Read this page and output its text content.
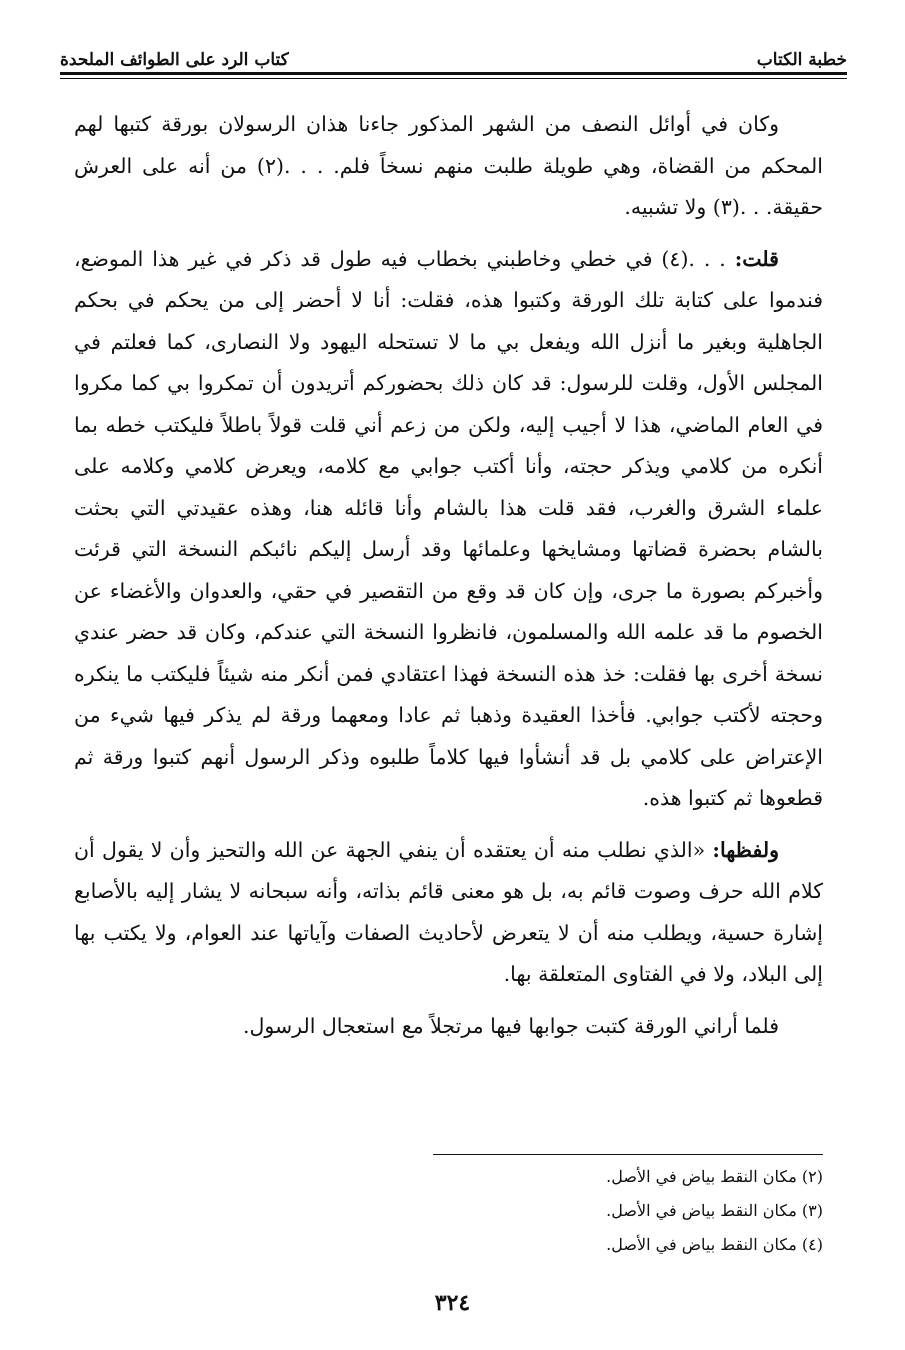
خطبة الكتاب
كتاب الرد على الطوائف الملحدة

وكان في أوائل النصف من الشهر المذكور جاءنا هذان الرسولان بورقة كتبها لهم المحكم من القضاة، وهي طويلة طلبت منهم نسخاً فلم. . . .(٢) من أنه على العرش حقيقة. . .(٣) ولا تشبيه.

قلت: . . .(٤) في خطي وخاطبني بخطاب فيه طول قد ذكر في غير هذا الموضع، فندموا على كتابة تلك الورقة وكتبوا هذه، فقلت: أنا لا أحضر إلى من يحكم في بحكم الجاهلية وبغير ما أنزل الله ويفعل بي ما لا تستحله اليهود ولا النصارى، كما فعلتم في المجلس الأول، وقلت للرسول: قد كان ذلك بحضوركم أتريدون أن تمكروا بي كما مكروا في العام الماضي، هذا لا أجيب إليه، ولكن من زعم أني قلت قولاً باطلاً فليكتب خطه بما أنكره من كلامي ويذكر حجته، وأنا أكتب جوابي مع كلامه، ويعرض كلامي وكلامه على علماء الشرق والغرب، فقد قلت هذا بالشام وأنا قائله هنا، وهذه عقيدتي التي بحثت بالشام بحضرة قضاتها ومشايخها وعلمائها وقد أرسل إليكم نائبكم النسخة التي قرئت وأخبركم بصورة ما جرى، وإن كان قد وقع من التقصير في حقي، والعدوان والأغضاء عن الخصوم ما قد علمه الله والمسلمون، فانظروا النسخة التي عندكم، وكان قد حضر عندي نسخة أخرى بها فقلت: خذ هذه النسخة فهذا اعتقادي فمن أنكر منه شيئاً فليكتب ما ينكره وحجته لأكتب جوابي. فأخذا العقيدة وذهبا ثم عادا ومعهما ورقة لم يذكر فيها شيء من الإعتراض على كلامي بل قد أنشأوا فيها كلاماً طلبوه وذكر الرسول أنهم كتبوا ورقة ثم قطعوها ثم كتبوا هذه.

ولفظها: «الذي نطلب منه أن يعتقده أن ينفي الجهة عن الله والتحيز وأن لا يقول أن كلام الله حرف وصوت قائم به، بل هو معنى قائم بذاته، وأنه سبحانه لا يشار إليه بالأصابع إشارة حسية، ويطلب منه أن لا يتعرض لأحاديث الصفات وآياتها عند العوام، ولا يكتب بها إلى البلاد، ولا في الفتاوى المتعلقة بها.

فلما أراني الورقة كتبت جوابها فيها مرتجلاً مع استعجال الرسول.

(٢) مكان النقط بياض في الأصل.

(٣) مكان النقط بياض في الأصل.

(٤) مكان النقط بياض في الأصل.

٣٢٤
